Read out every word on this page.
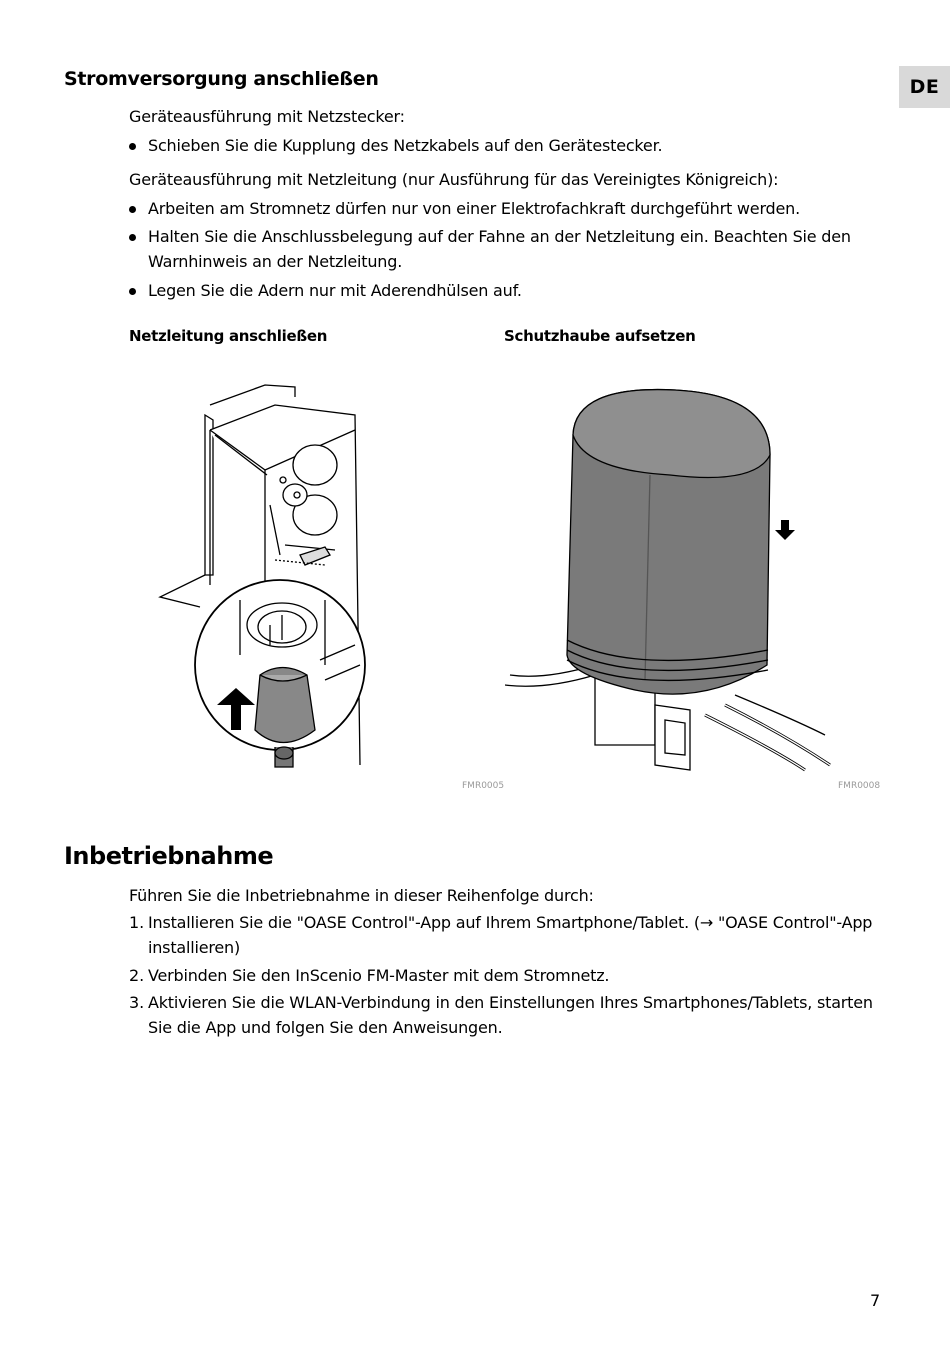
DE
Stromversorgung anschließen

Geräteausführung mit Netzstecker:

Schieben Sie die Kupplung des Netzkabels auf den Gerätestecker.

Geräteausführung mit Netzleitung (nur Ausführung für das Vereinigtes Königreich):

Arbeiten am Stromnetz dürfen nur von einer Elektrofachkraft durchgeführt werden.
Halten Sie die Anschlussbelegung auf der Fahne an der Netzleitung ein. Beachten Sie den Warnhinweis an der Netzleitung.
Legen Sie die Adern nur mit Aderendhülsen auf.
Netzleitung anschließen	Schutzhaube aufsetzen
FMR0005	FMR0008
Inbetriebnahme

Führen Sie die Inbetriebnahme in dieser Reihenfolge durch:

1. Installieren Sie die "OASE Control"-App auf Ihrem Smartphone/Tablet. (→ "OASE Control"-App installieren)
2. Verbinden Sie den InScenio FM-Master mit dem Stromnetz.
3. Aktivieren Sie die WLAN-Verbindung in den Einstellungen Ihres Smartphones/Tablets, starten Sie die App und folgen Sie den Anweisungen.
7
